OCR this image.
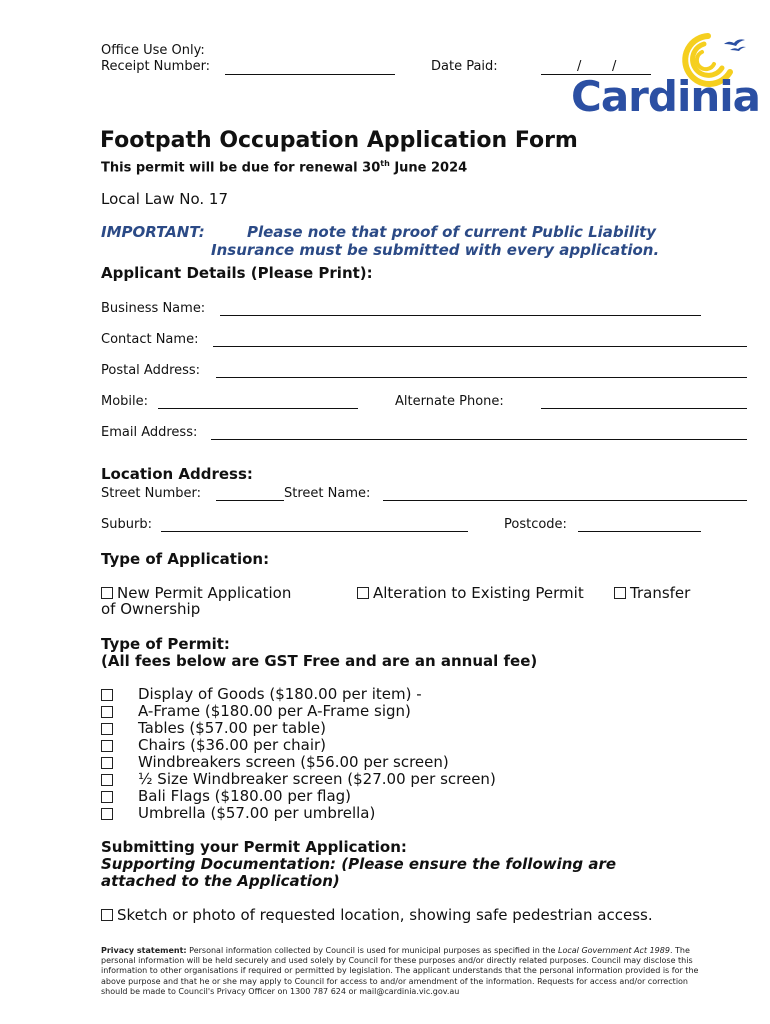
Office Use Only:
Receipt Number:	Date Paid:	/ /
Cardinia
Footpath Occupation Application Form
This permit will be due for renewal 30th June 2024
Local Law No. 17
IMPORTANT:	Please note that proof of current Public Liability
Insurance must be submitted with every application.
Applicant Details (Please Print):
Business Name:
Contact Name:
Postal Address:
Mobile:	Alternate Phone:
Email Address:
Location Address:
Street Number:	Street Name:
Suburb:	Postcode:
Type of Application:
New Permit Application
of Ownership
Alteration to Existing Permit	Transfer
Type of Permit:
(All fees below are GST Free and are an annual fee)
Display of Goods ($180.00 per item) -
A-Frame ($180.00 per A-Frame sign)
Tables ($57.00 per table)
Chairs ($36.00 per chair)
Windbreakers screen ($56.00 per screen)
½ Size Windbreaker screen ($27.00 per screen)
Bali Flags ($180.00 per flag)
Umbrella ($57.00 per umbrella)
Submitting your Permit Application:
Supporting Documentation: (Please ensure the following are
attached to the Application)
Sketch or photo of requested location, showing safe pedestrian access.
Privacy statement: Personal information collected by Council is used for municipal purposes as specified in the Local Government Act 1989. The personal information will be held securely and used solely by Council for these purposes and/or directly related purposes. Council may disclose this information to other organisations if required or permitted by legislation. The applicant understands that the personal information provided is for the above purpose and that he or she may apply to Council for access to and/or amendment of the information. Requests for access and/or correction should be made to Council's Privacy Officer on 1300 787 624 or mail@cardinia.vic.gov.au
